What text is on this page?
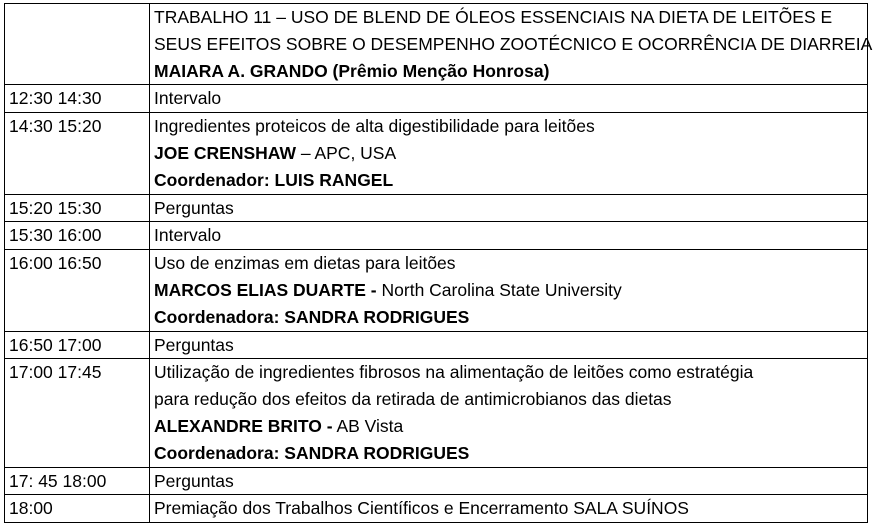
	TRABALHO 11 – USO DE BLEND DE ÓLEOS ESSENCIAIS NA DIETA DE LEITÕES E
SEUS EFEITOS SOBRE O DESEMPENHO ZOOTÉCNICO E OCORRÊNCIA DE DIARREIA
MAIARA A. GRANDO (Prêmio Menção Honrosa)

12:30 14:30	Intervalo

14:30 15:20	Ingredientes proteicos de alta digestibilidade para leitões
JOE CRENSHAW – APC, USA
Coordenador: LUIS RANGEL

15:20 15:30	Perguntas

15:30 16:00	Intervalo

16:00 16:50	Uso de enzimas em dietas para leitões
MARCOS ELIAS DUARTE - North Carolina State University
Coordenadora: SANDRA RODRIGUES

16:50 17:00	Perguntas

17:00 17:45	Utilização de ingredientes fibrosos na alimentação de leitões como estratégia
para redução dos efeitos da retirada de antimicrobianos das dietas
ALEXANDRE BRITO - AB Vista
Coordenadora: SANDRA RODRIGUES

17: 45 18:00	Perguntas

18:00	Premiação dos Trabalhos Científicos e Encerramento SALA SUÍNOS
